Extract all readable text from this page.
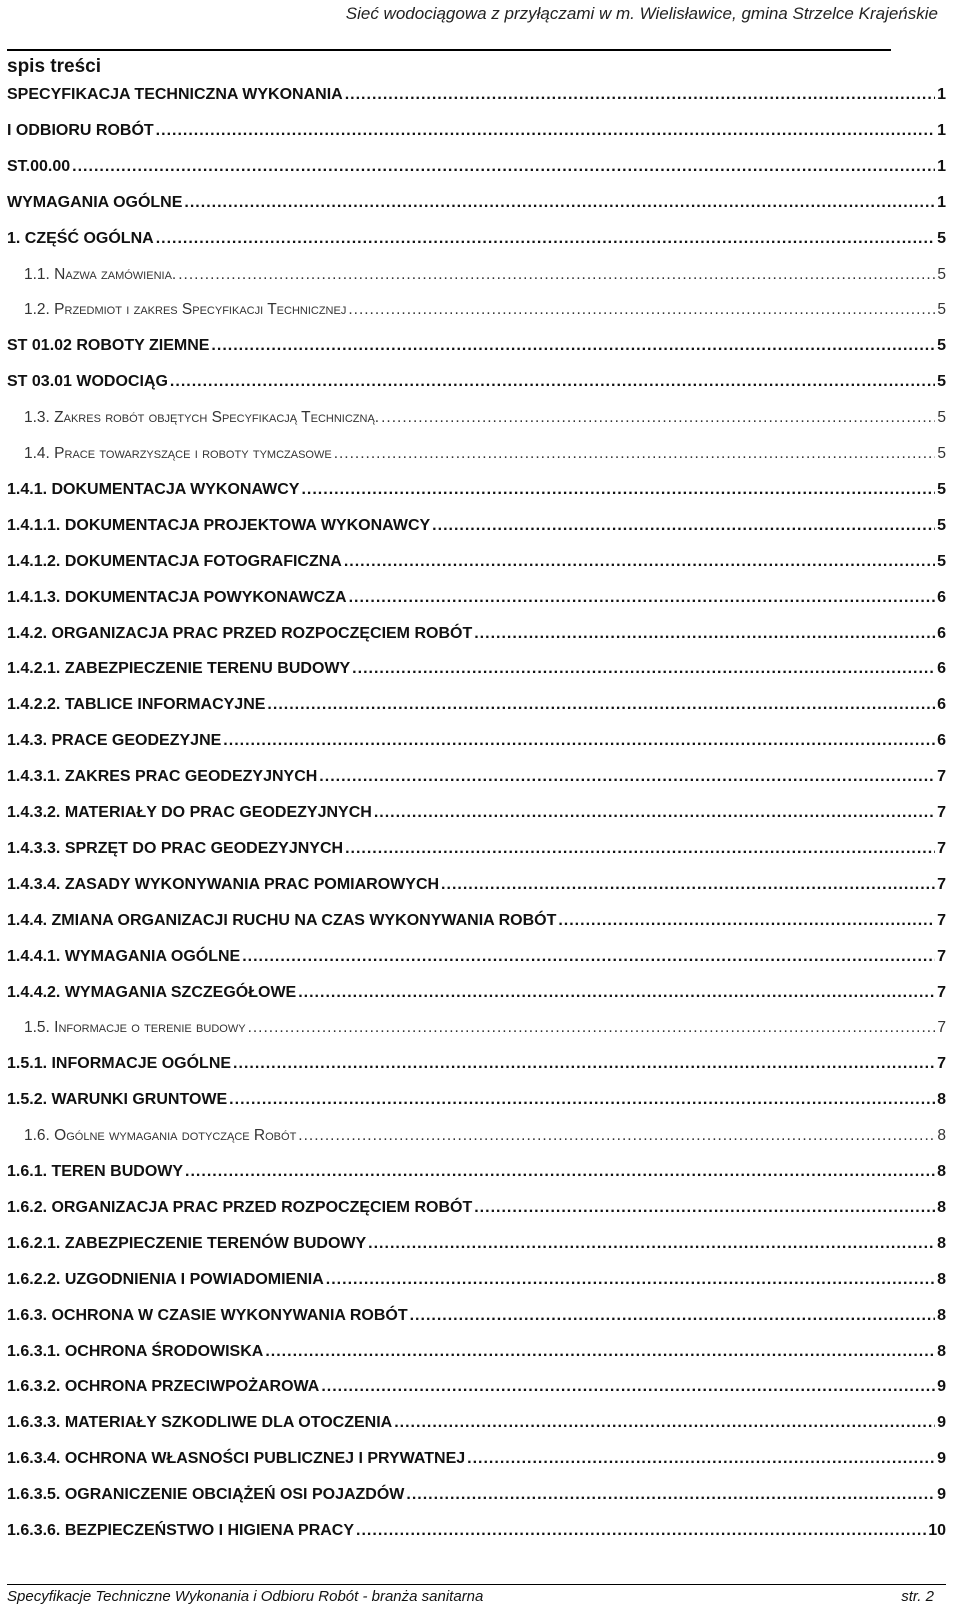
Sieć wodociągowa z przyłączami w m. Wielisławice, gmina Strzelce Krajeńskie
spis treści
SPECYFIKACJA TECHNICZNA WYKONANIA .....	1
I ODBIORU ROBÓT .....	1
ST.00.00 .....	1
WYMAGANIA OGÓLNE .....	1
1. CZĘŚĆ OGÓLNA .....	5
1.1. Nazwa zamówienia. .....	5
1.2. Przedmiot i zakres Specyfikacji Technicznej .....	5
ST 01.02 ROBOTY ZIEMNE .....	5
ST 03.01 WODOCIĄG .....	5
1.3. Zakres robót objętych Specyfikacją Techniczną. .....	5
1.4. Prace towarzyszące i roboty tymczasowe .....	5
1.4.1. DOKUMENTACJA WYKONAWCY .....	5
1.4.1.1. DOKUMENTACJA PROJEKTOWA WYKONAWCY .....	5
1.4.1.2. DOKUMENTACJA FOTOGRAFICZNA .....	5
1.4.1.3. DOKUMENTACJA POWYKONAWCZA .....	6
1.4.2. ORGANIZACJA PRAC PRZED ROZPOCZĘCIEM ROBÓT .....	6
1.4.2.1. ZABEZPIECZENIE TERENU BUDOWY .....	6
1.4.2.2. TABLICE INFORMACYJNE .....	6
1.4.3. PRACE GEODEZYJNE .....	6
1.4.3.1. ZAKRES PRAC GEODEZYJNYCH .....	7
1.4.3.2. MATERIAŁY DO PRAC GEODEZYJNYCH .....	7
1.4.3.3. SPRZĘT DO PRAC GEODEZYJNYCH .....	7
1.4.3.4. ZASADY WYKONYWANIA PRAC POMIAROWYCH .....	7
1.4.4. ZMIANA ORGANIZACJI RUCHU NA CZAS WYKONYWANIA ROBÓT .....	7
1.4.4.1. WYMAGANIA OGÓLNE .....	7
1.4.4.2. WYMAGANIA SZCZEGÓŁOWE .....	7
1.5. Informacje o terenie budowy .....	7
1.5.1. INFORMACJE OGÓLNE .....	7
1.5.2. WARUNKI GRUNTOWE .....	8
1.6. Ogólne wymagania dotyczące Robót .....	8
1.6.1. TEREN BUDOWY .....	8
1.6.2. ORGANIZACJA PRAC PRZED ROZPOCZĘCIEM ROBÓT .....	8
1.6.2.1. ZABEZPIECZENIE TERENÓW BUDOWY .....	8
1.6.2.2. UZGODNIENIA I POWIADOMIENIA .....	8
1.6.3. OCHRONA W CZASIE WYKONYWANIA ROBÓT .....	8
1.6.3.1. OCHRONA ŚRODOWISKA .....	8
1.6.3.2. OCHRONA PRZECIWPOŻAROWA .....	9
1.6.3.3. MATERIAŁY SZKODLIWE DLA OTOCZENIA .....	9
1.6.3.4. OCHRONA WŁASNOŚCI PUBLICZNEJ I PRYWATNEJ .....	9
1.6.3.5. OGRANICZENIE OBCIĄŻEŃ OSI POJAZDÓW .....	9
1.6.3.6. BEZPIECZEŃSTWO I HIGIENA PRACY .....	10
Specyfikacje Techniczne Wykonania i Odbioru Robót - branża sanitarna	str. 2
